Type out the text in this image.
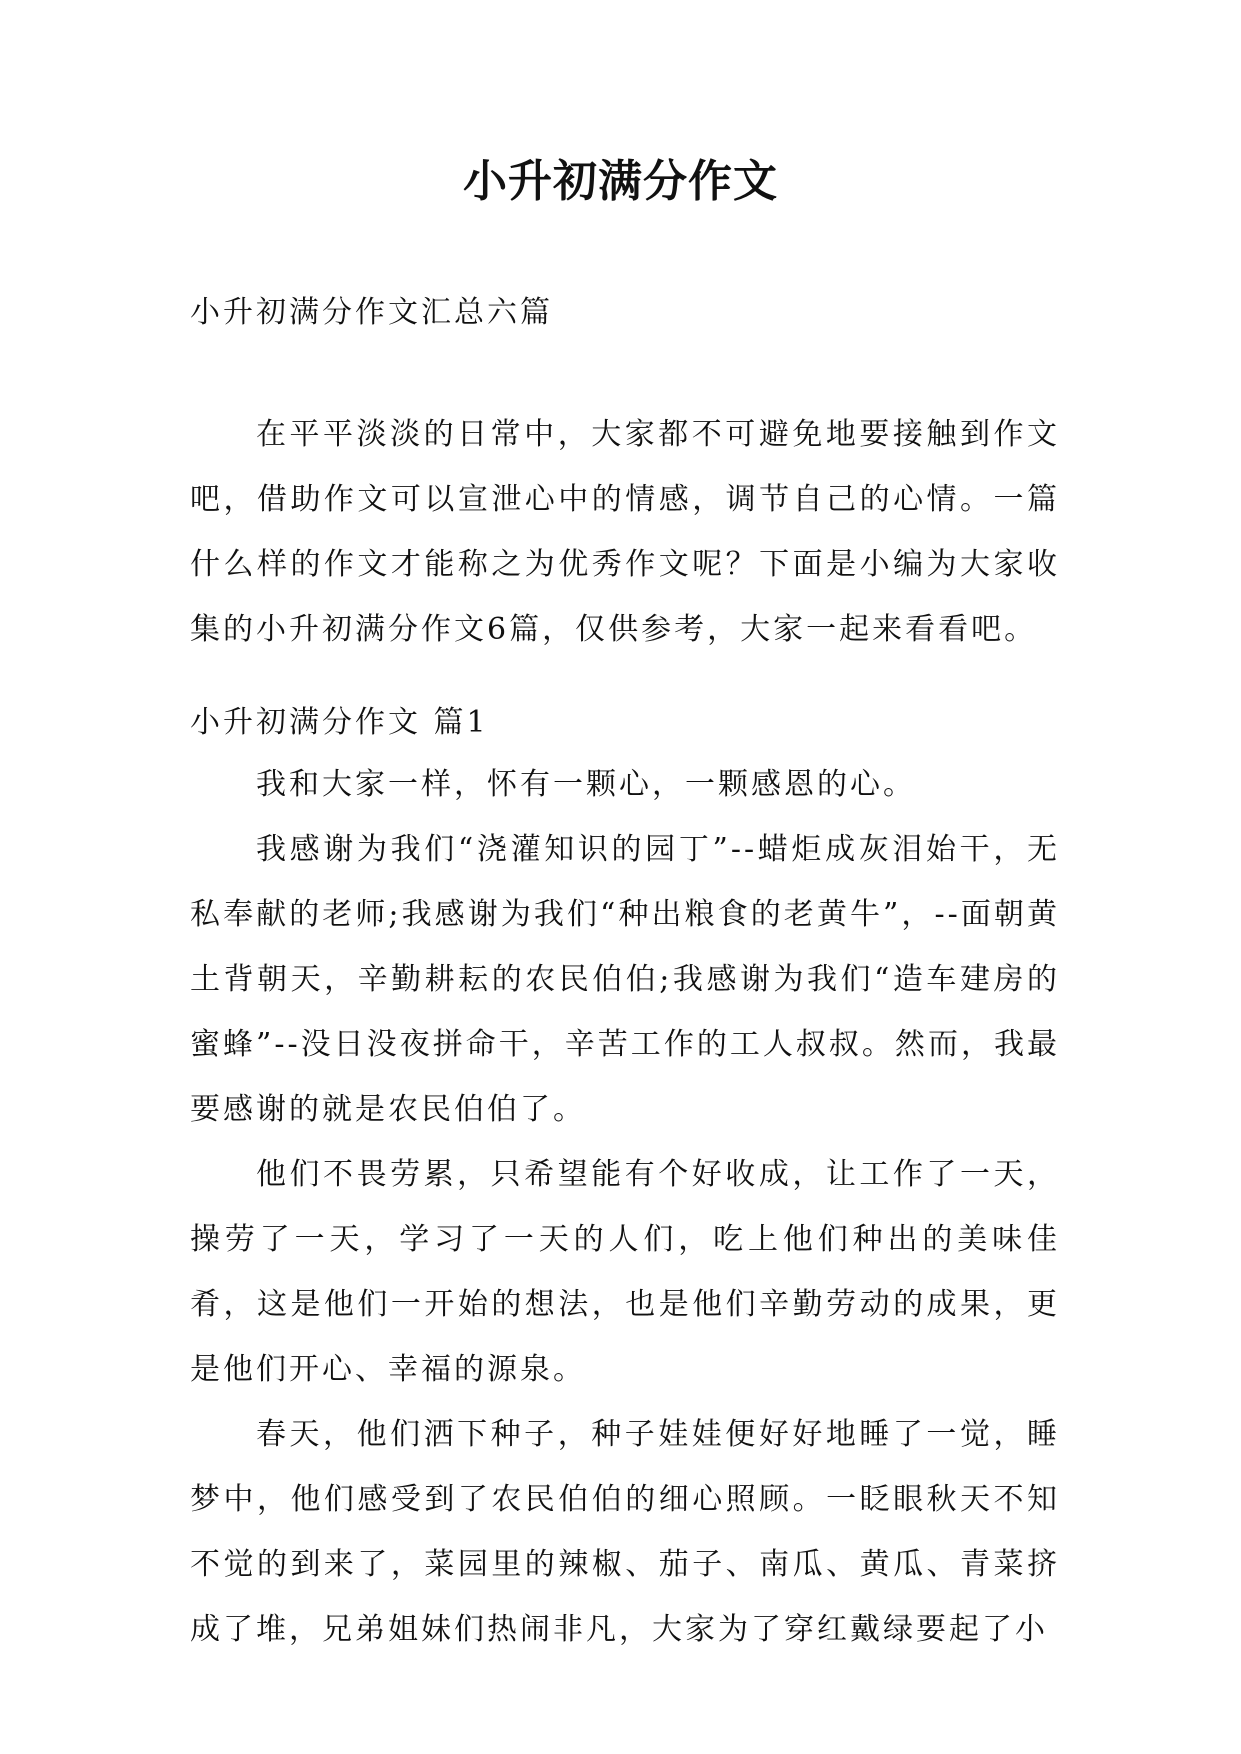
小升初满分作文
小升初满分作文汇总六篇

在平平淡淡的日常中，大家都不可避免地要接触到作文吧，借助作文可以宣泄心中的情感，调节自己的心情。一篇什么样的作文才能称之为优秀作文呢？下面是小编为大家收集的小升初满分作文6篇，仅供参考，大家一起来看看吧。

小升初满分作文 篇1

我和大家一样，怀有一颗心，一颗感恩的心。

我感谢为我们“浇灌知识的园丁”--蜡炬成灰泪始干，无私奉献的老师;我感谢为我们“种出粮食的老黄牛”，--面朝黄土背朝天，辛勤耕耘的农民伯伯;我感谢为我们“造车建房的蜜蜂”--没日没夜拼命干，辛苦工作的工人叔叔。然而，我最要感谢的就是农民伯伯了。

他们不畏劳累，只希望能有个好收成，让工作了一天，操劳了一天，学习了一天的人们，吃上他们种出的美味佳肴，这是他们一开始的想法，也是他们辛勤劳动的成果，更是他们开心、幸福的源泉。

春天，他们洒下种子，种子娃娃便好好地睡了一觉，睡梦中，他们感受到了农民伯伯的细心照顾。一眨眼秋天不知不觉的到来了，菜园里的辣椒、茄子、南瓜、黄瓜、青菜挤成了堆，兄弟姐妹们热闹非凡，大家为了穿红戴绿要起了小
